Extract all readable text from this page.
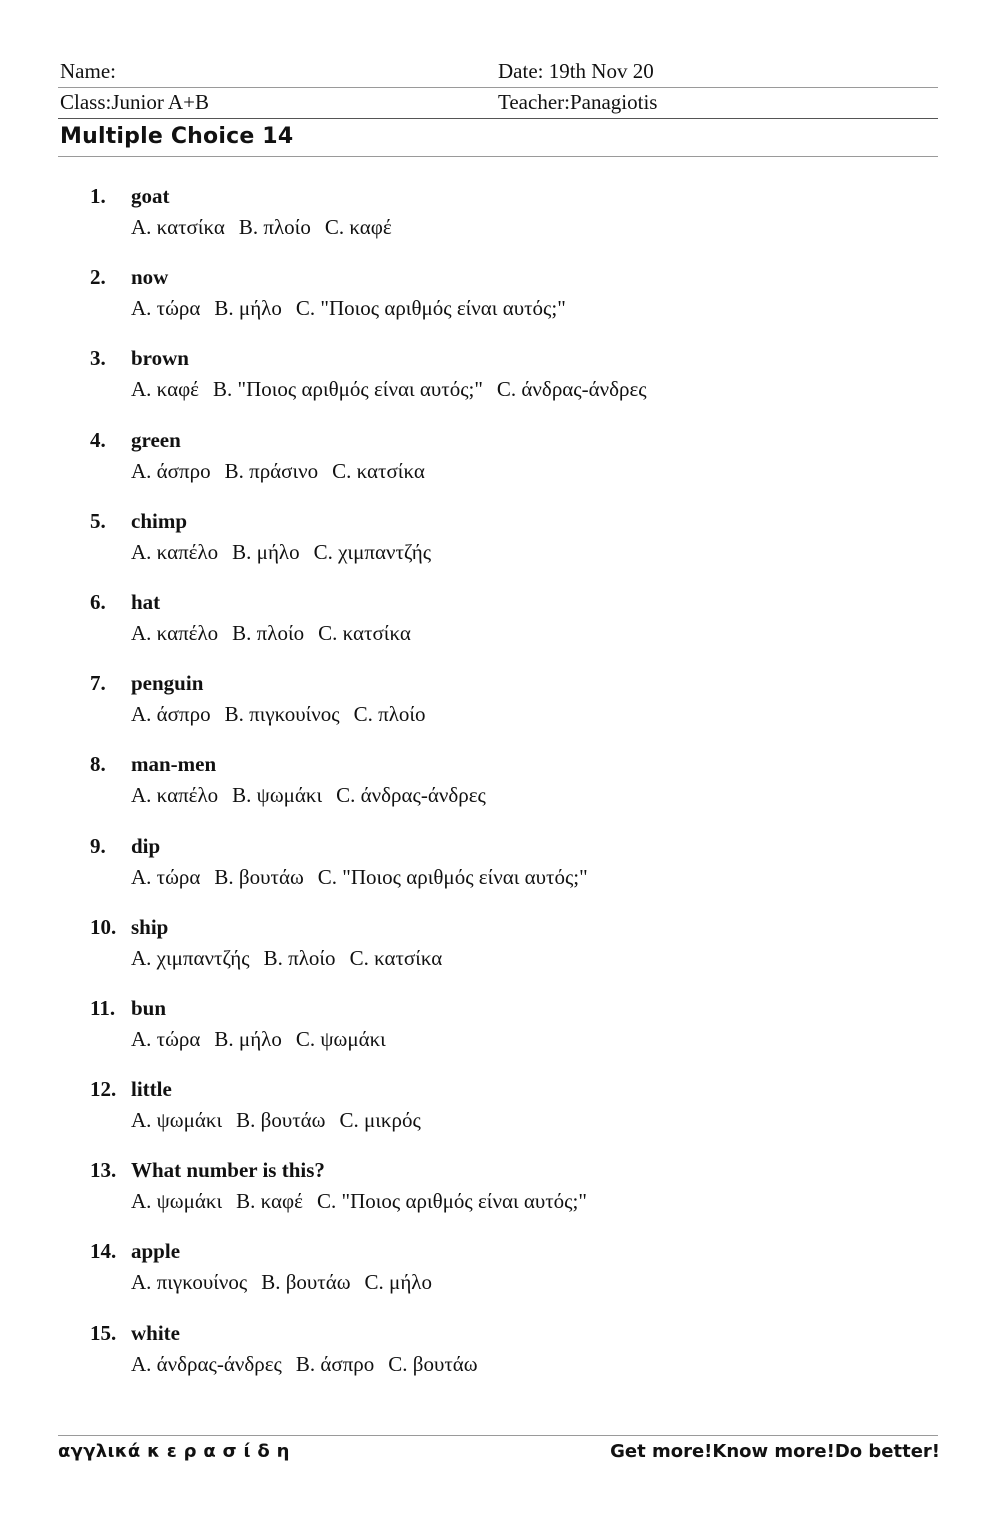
Name:	Date: 19th Nov 20
Class:Junior A+B	Teacher:Panagiotis
Multiple Choice 14
1. goat
A. κατσίκα B. πλοίο C. καφέ
2. now
A. τώρα B. μήλο C. "Ποιος αριθμός είναι αυτός;"
3. brown
A. καφέ B. "Ποιος αριθμός είναι αυτός;" C. άνδρας-άνδρες
4. green
A. άσπρο B. πράσινο C. κατσίκα
5. chimp
A. καπέλο B. μήλο C. χιμπαντζής
6. hat
A. καπέλο B. πλοίο C. κατσίκα
7. penguin
A. άσπρο B. πιγκουίνος C. πλοίο
8. man-men
A. καπέλο B. ψωμάκι C. άνδρας-άνδρες
9. dip
A. τώρα B. βουτάω C. "Ποιος αριθμός είναι αυτός;"
10. ship
A. χιμπαντζής B. πλοίο C. κατσίκα
11. bun
A. τώρα B. μήλο C. ψωμάκι
12. little
A. ψωμάκι B. βουτάω C. μικρός
13. What number is this?
A. ψωμάκι B. καφέ C. "Ποιος αριθμός είναι αυτός;"
14. apple
A. πιγκουίνος B. βουτάω C. μήλο
15. white
A. άνδρας-άνδρες B. άσπρο C. βουτάω
αγγλικά κ ε ρ α σ ί δ η	Get more!Know more!Do better!
